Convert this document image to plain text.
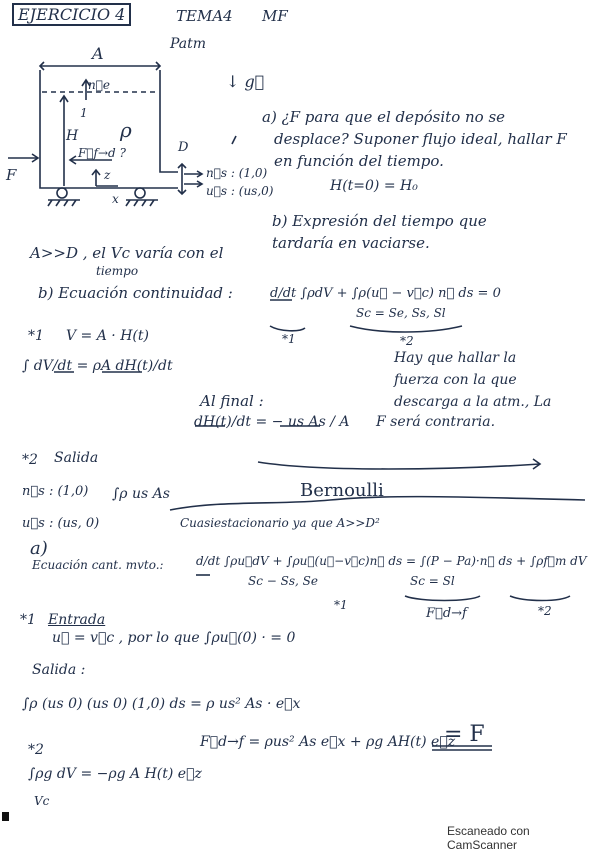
EJERCICIO 4	TEMA4 MF
Patm
A
n⃗e
1
ρ
H
F⃗f→d ?
z
x
D
n⃗s : (1,0)
u⃗s : (us,0)
F
↓ g⃗
a) ¿F para que el depósito no se
desplace? Suponer flujo ideal, hallar F
en función del tiempo.
H(t=0) = H₀
b) Expresión del tiempo que
tardaría en vaciarse.
A>>D , el Vc varía con el
tiempo
b) Ecuación continuidad :	d/dt ∫ρdV + ∫ρ(u⃗ − v⃗c) n⃗ ds = 0
Sc = Se, Ss, Sl
*1	*2
*1 V = A · H(t)
∫ dV/dt = ρA dH(t)/dt	Hay que hallar la
fuerza con la que
descarga a la atm., La
F será contraria.
Al final :
dH(t)/dt = − us As / A
Bernoulli
*2 Salida
n⃗s : (1,0)
u⃗s : (us, 0)
∫ρ us As
a)
Cuasiestacionario ya que A>>D²
Ecuación cant. mvto.:	d/dt ∫ρu⃗dV + ∫ρu⃗(u⃗−v⃗c)n⃗ ds = ∫(P − Pa)·n⃗ ds + ∫ρf⃗m dV
Sc − Ss, Se	Sc = Sl
*1
F⃗d→f	*2
*1 Entrada
u⃗ = v⃗c , por lo que ∫ρu⃗(0) · = 0
Salida :
∫ρ (us 0) (us 0) (1,0) ds = ρ us² As · e⃗x
F⃗d→f = ρus² As e⃗x + ρg AH(t) e⃗z
= F
*2
∫ρg dV = −ρg A H(t) e⃗z
Vc
Escaneado con CamScanner
